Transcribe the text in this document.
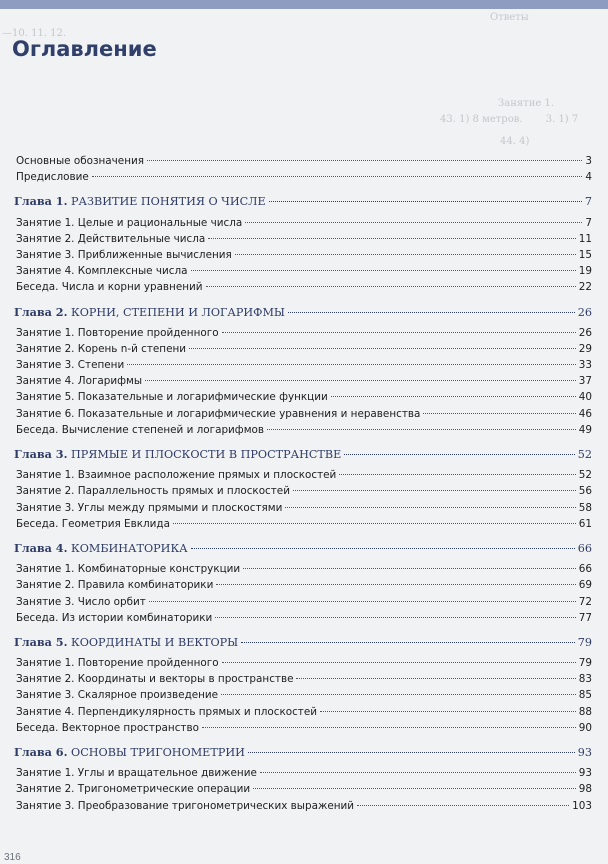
Ответы
—10. 11. 12.
Занятие 1.
43. 1) 8 метров. 3. 1) 7
44. 4)
Оглавление
Основные обозначения	3
Предисловие	4
Глава 1. РАЗВИТИЕ ПОНЯТИЯ О ЧИСЛЕ	7
Занятие 1. Целые и рациональные числа	7
Занятие 2. Действительные числа	11
Занятие 3. Приближенные вычисления	15
Занятие 4. Комплексные числа	19
Беседа. Числа и корни уравнений	22
Глава 2. КОРНИ, СТЕПЕНИ И ЛОГАРИФМЫ	26
Занятие 1. Повторение пройденного	26
Занятие 2. Корень n-й степени	29
Занятие 3. Степени	33
Занятие 4. Логарифмы	37
Занятие 5. Показательные и логарифмические функции	40
Занятие 6. Показательные и логарифмические уравнения и неравенства	46
Беседа. Вычисление степеней и логарифмов	49
Глава 3. ПРЯМЫЕ И ПЛОСКОСТИ В ПРОСТРАНСТВЕ	52
Занятие 1. Взаимное расположение прямых и плоскостей	52
Занятие 2. Параллельность прямых и плоскостей	56
Занятие 3. Углы между прямыми и плоскостями	58
Беседа. Геометрия Евклида	61
Глава 4. КОМБИНАТОРИКА	66
Занятие 1. Комбинаторные конструкции	66
Занятие 2. Правила комбинаторики	69
Занятие 3. Число орбит	72
Беседа. Из истории комбинаторики	77
Глава 5. КООРДИНАТЫ И ВЕКТОРЫ	79
Занятие 1. Повторение пройденного	79
Занятие 2. Координаты и векторы в пространстве	83
Занятие 3. Скалярное произведение	85
Занятие 4. Перпендикулярность прямых и плоскостей	88
Беседа. Векторное пространство	90
Глава 6. ОСНОВЫ ТРИГОНОМЕТРИИ	93
Занятие 1. Углы и вращательное движение	93
Занятие 2. Тригонометрические операции	98
Занятие 3. Преобразование тригонометрических выражений	103
316
